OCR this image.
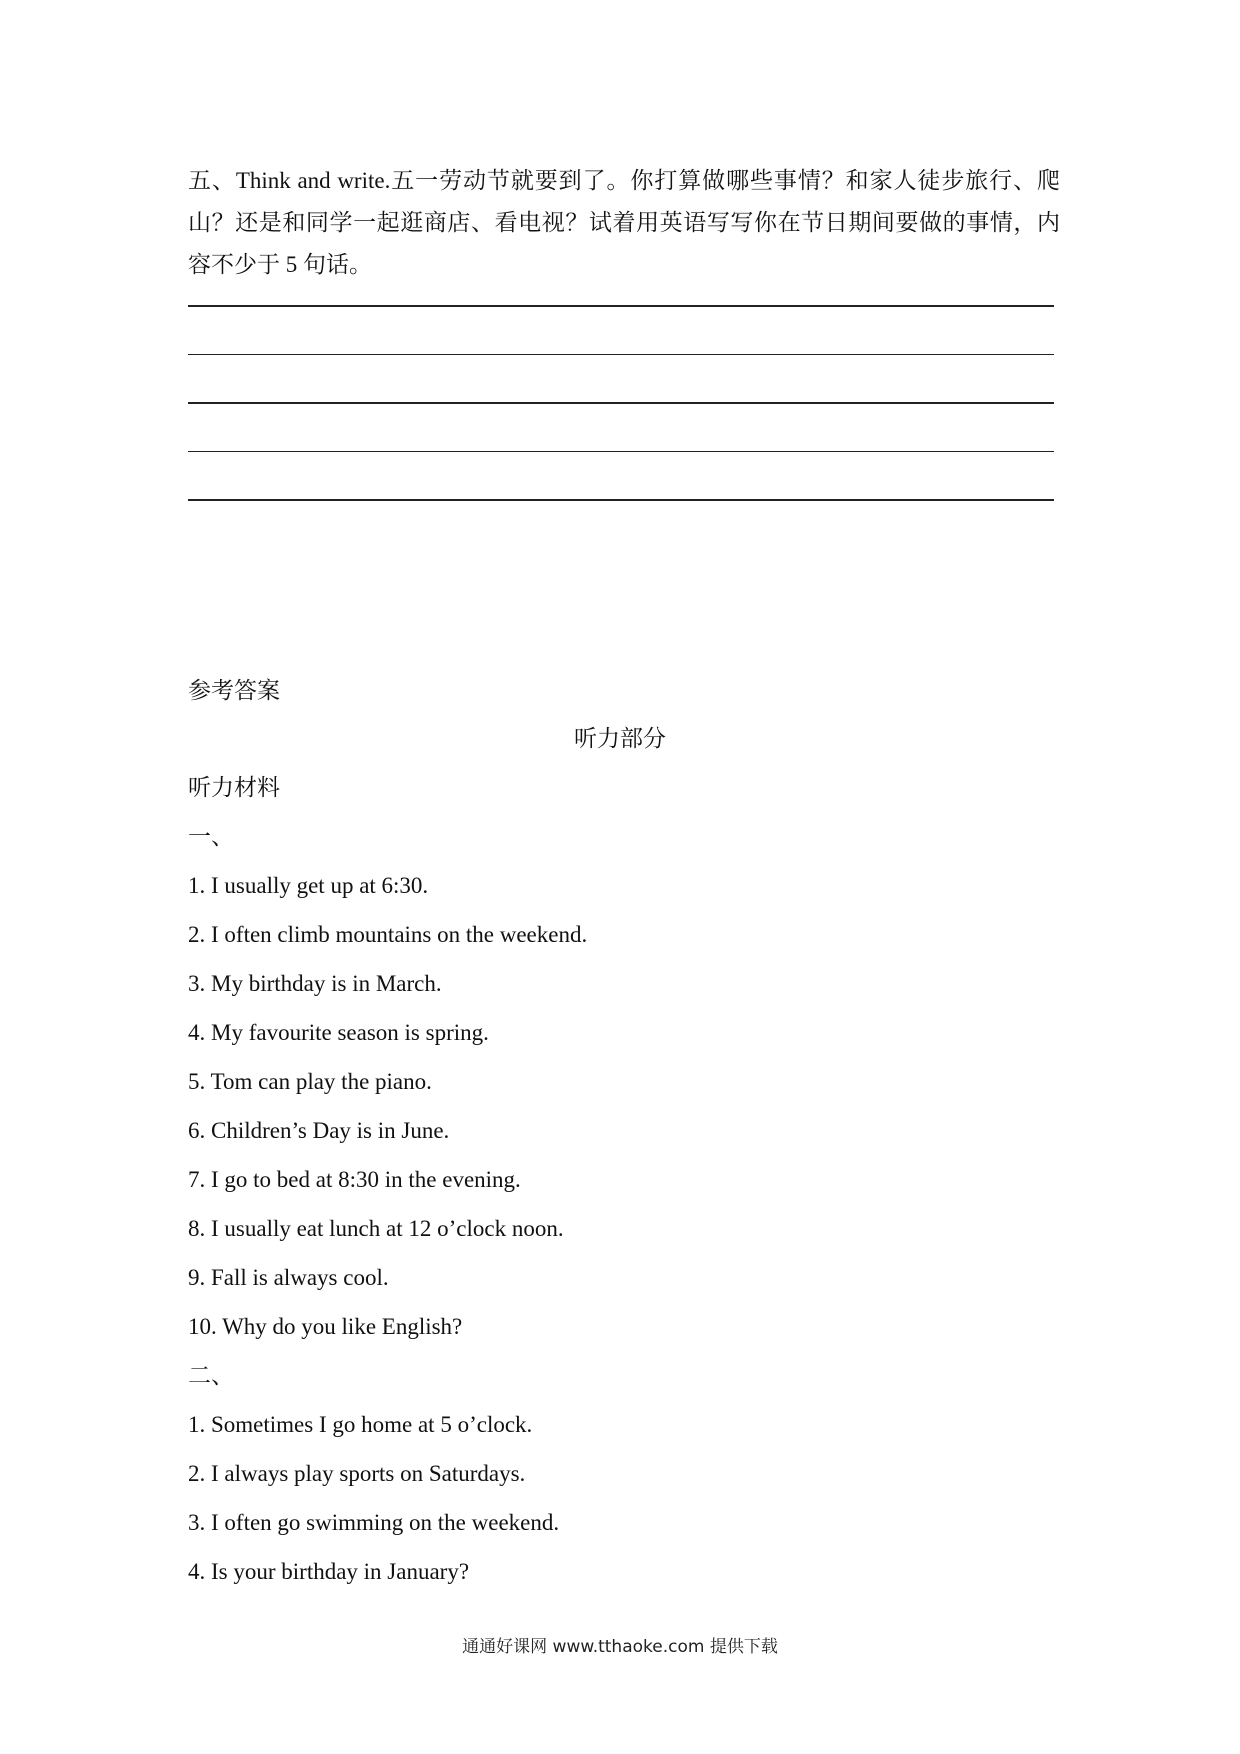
五、Think and write.五一劳动节就要到了。你打算做哪些事情？和家人徒步旅行、爬山？还是和同学一起逛商店、看电视？试着用英语写写你在节日期间要做的事情，内容不少于 5 句话。
参考答案
听力部分
听力材料
一、
1. I usually get up at 6:30.
2. I often climb mountains on the weekend.
3. My birthday is in March.
4. My favourite season is spring.
5. Tom can play the piano.
6. Children’s Day is in June.
7. I go to bed at 8:30 in the evening.
8. I usually eat lunch at 12 o’clock noon.
9. Fall is always cool.
10. Why do you like English?
二、
1. Sometimes I go home at 5 o’clock.
2. I always play sports on Saturdays.
3. I often go swimming on the weekend.
4. Is your birthday in January?
通通好课网 www.tthaoke.com 提供下载
